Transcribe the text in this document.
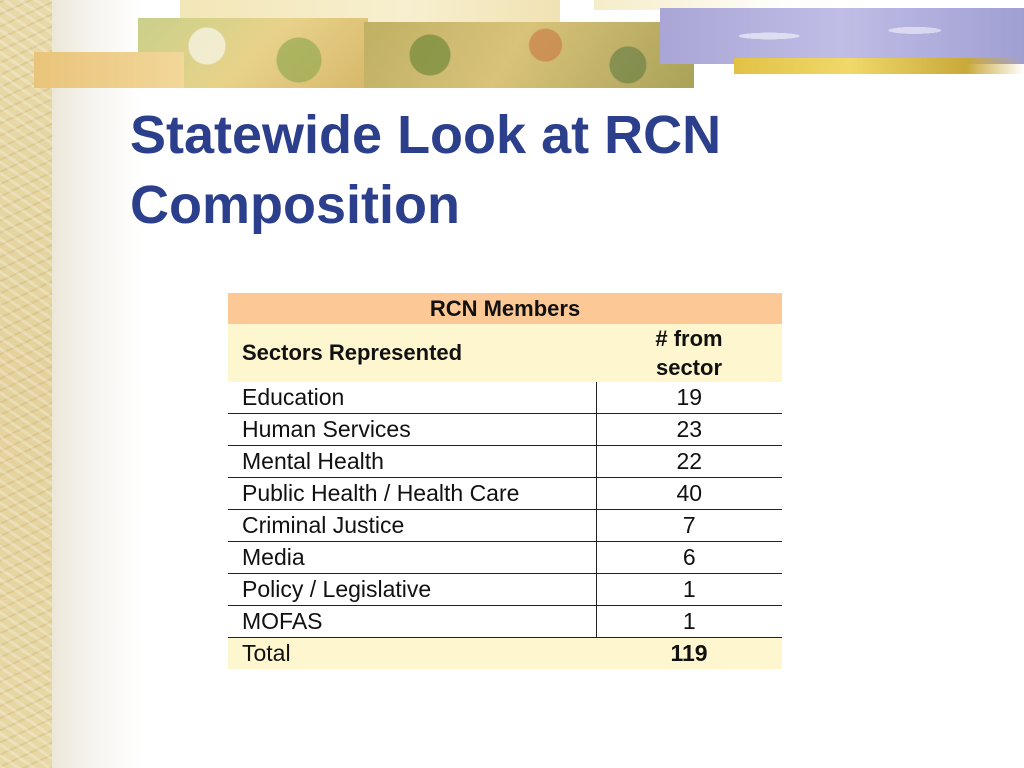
Statewide Look at RCN
Composition
RCN Members	
Sectors Represented	# from
sector

Education	19
Human Services	23
Mental Health	22
Public Health / Health Care	40
Criminal Justice	7
Media	6
Policy / Legislative	1
MOFAS	1
Total	119
